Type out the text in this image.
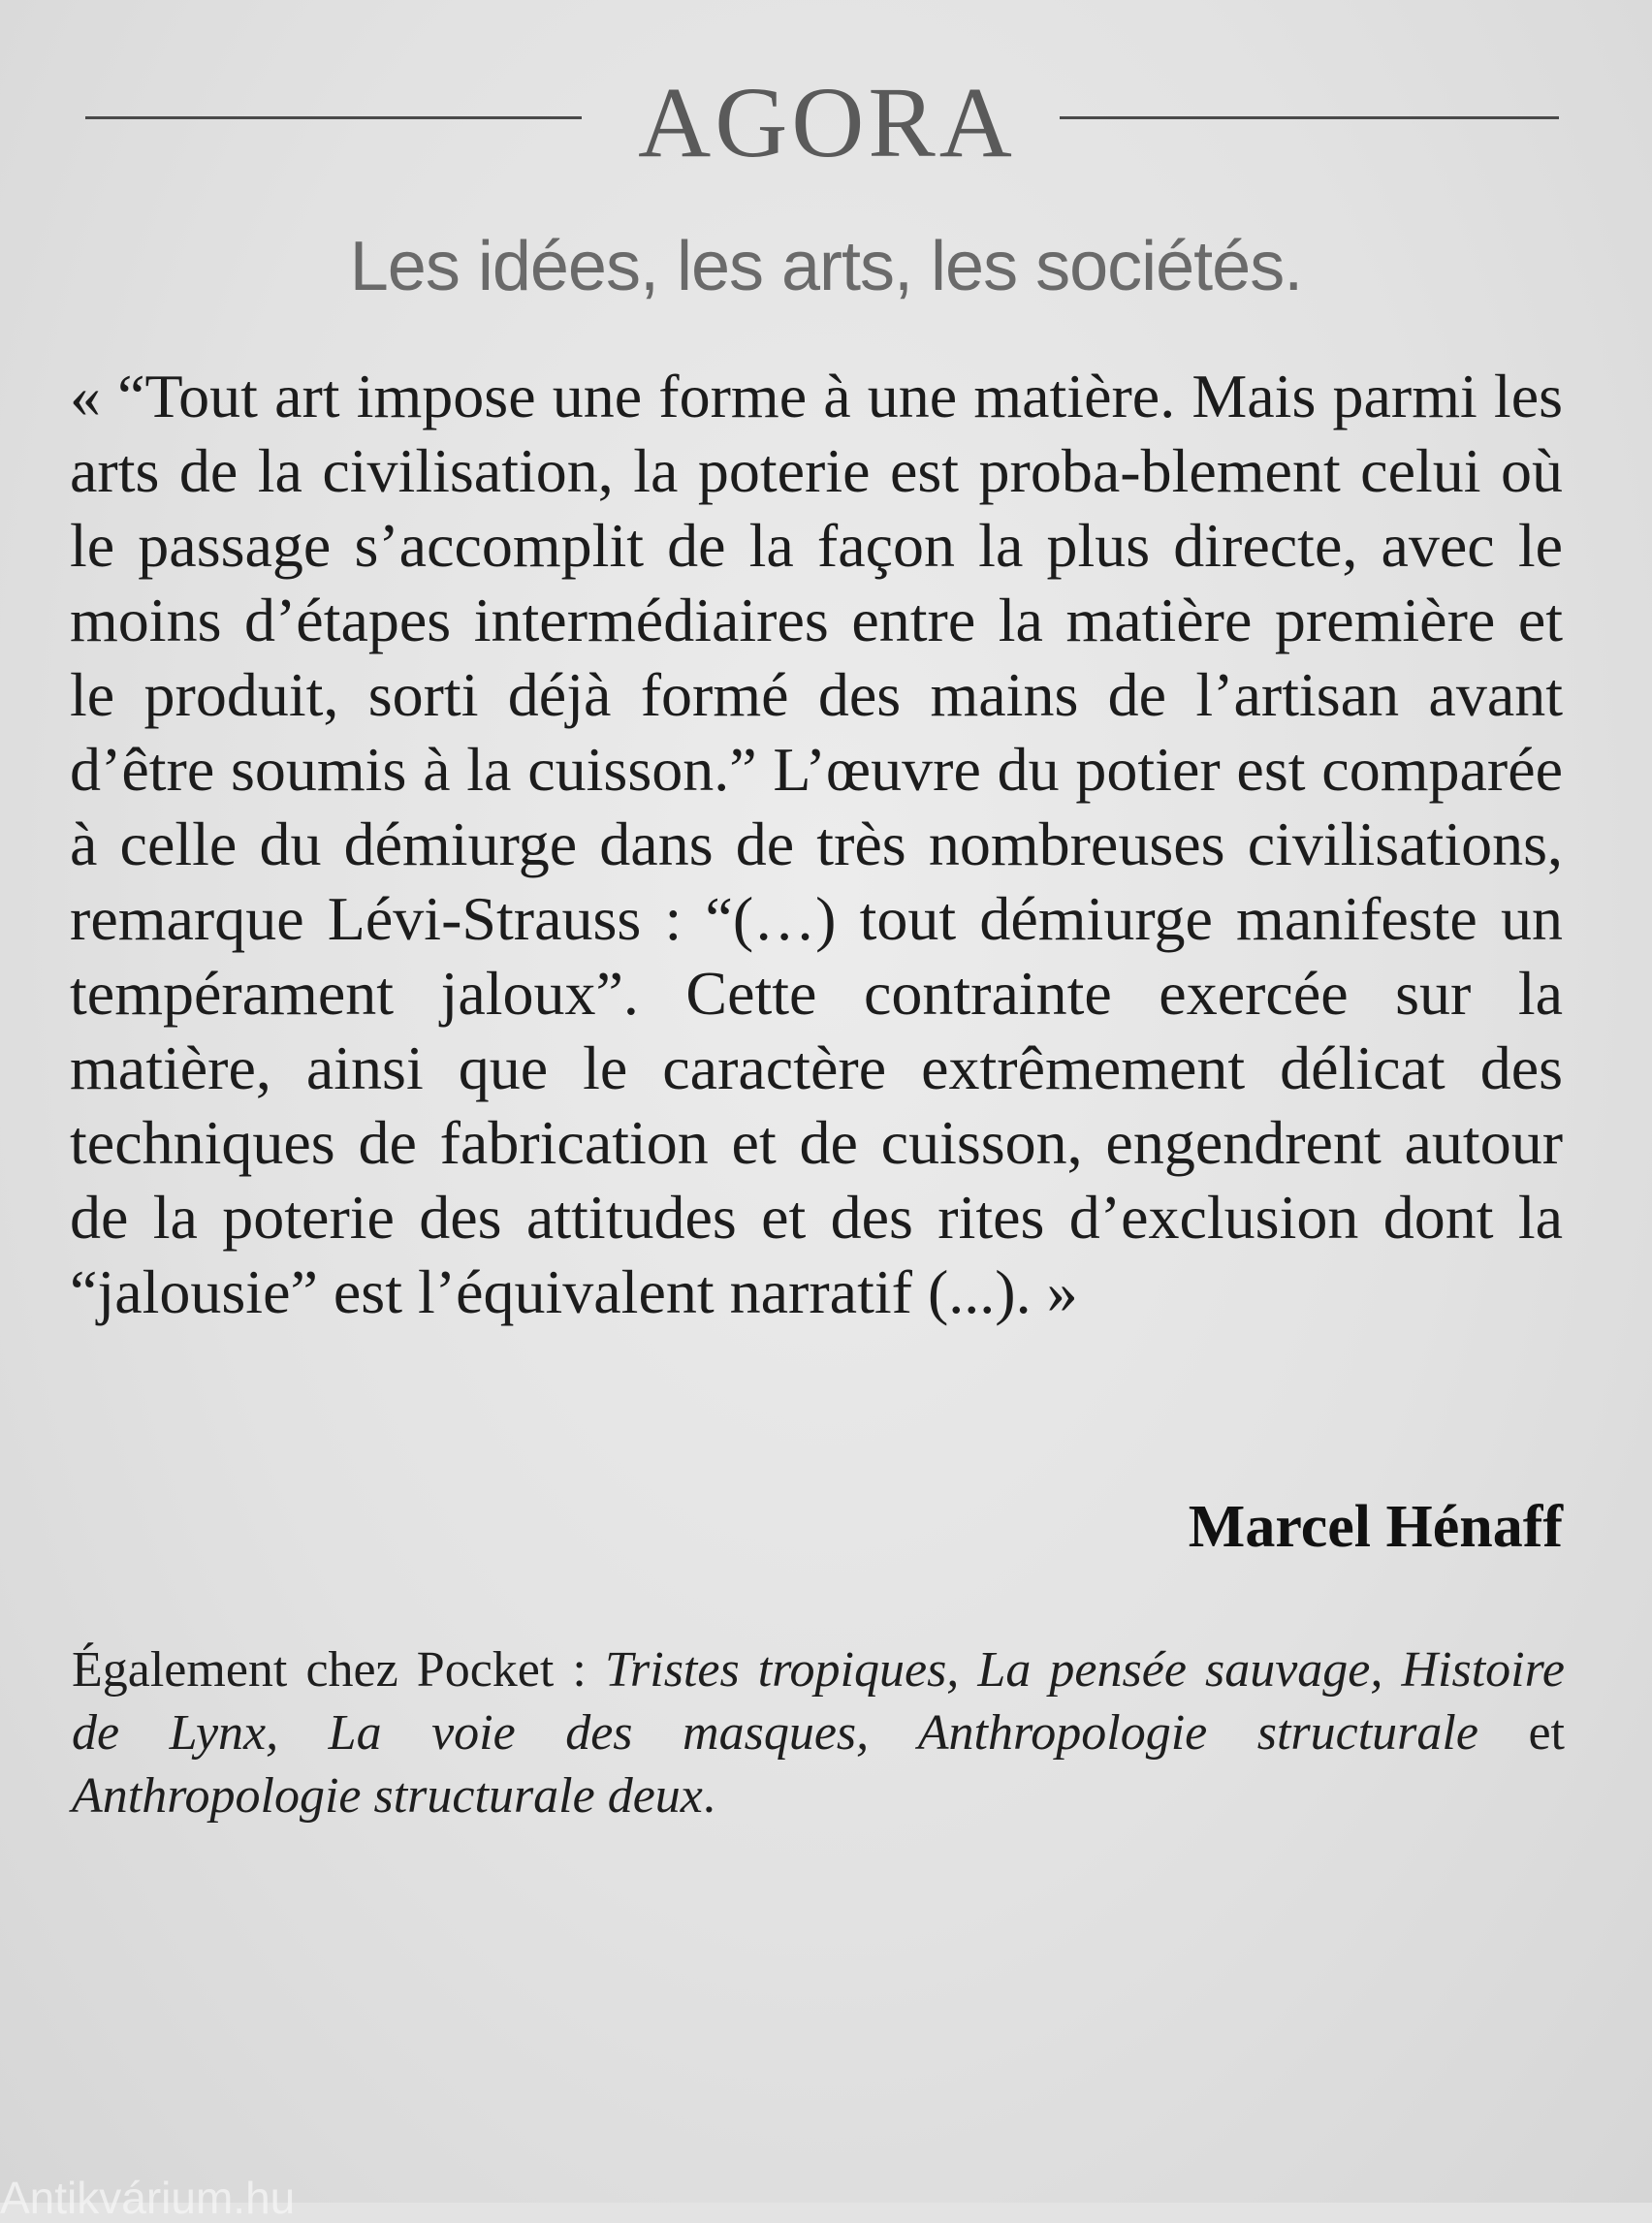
AGORA
Les idées, les arts, les sociétés.

« “Tout art impose une forme à une matière. Mais parmi les arts de la civilisation, la poterie est proba-blement celui où le passage s’accomplit de la façon la plus directe, avec le moins d’étapes intermédiaires entre la matière première et le produit, sorti déjà formé des mains de l’artisan avant d’être soumis à la cuisson.” L’œuvre du potier est comparée à celle du démiurge dans de très nombreuses civilisations, remarque Lévi-Strauss : “(…) tout démiurge manifeste un tempérament jaloux”. Cette contrainte exercée sur la matière, ainsi que le caractère extrêmement délicat des techniques de fabrication et de cuisson, engendrent autour de la poterie des attitudes et des rites d’exclusion dont la “jalousie” est l’équivalent narratif (...). »

Marcel Hénaff

Également chez Pocket : Tristes tropiques, La pensée sauvage, Histoire de Lynx, La voie des masques, Anthropologie structurale et Anthropologie structurale deux.

Antikvárium.hu
